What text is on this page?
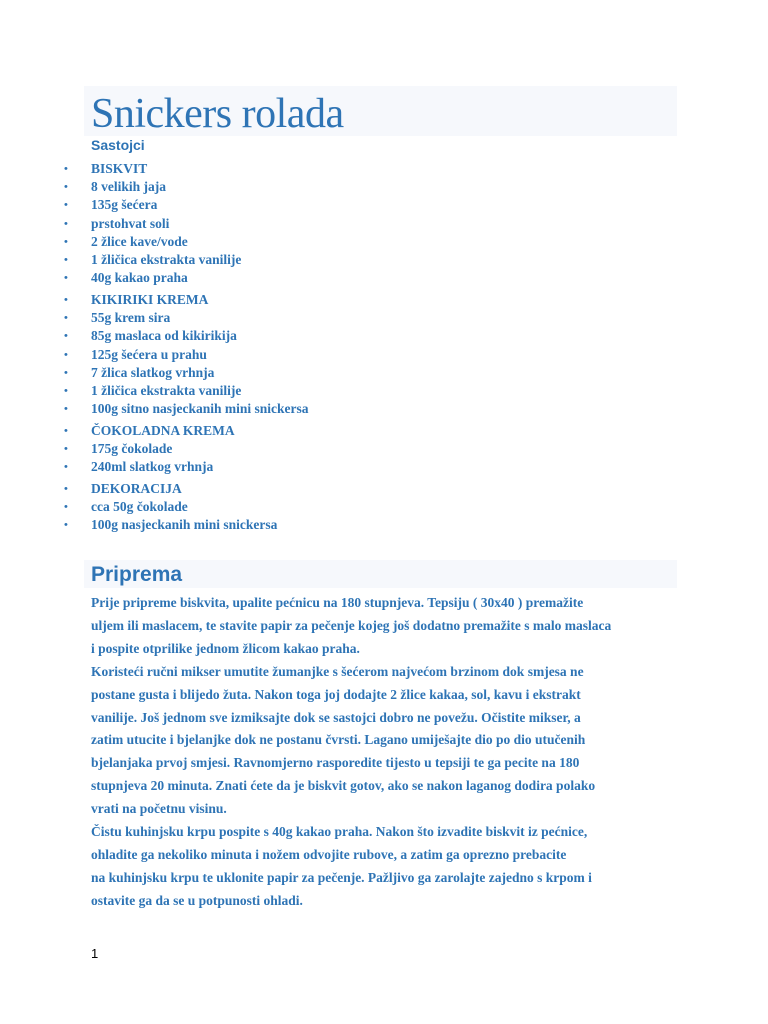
Snickers rolada
Sastojci
• BISKVIT
• 8 velikih jaja
• 135g šećera
• prstohvat soli
• 2 žlice kave/vode
• 1 žličica ekstrakta vanilije
• 40g kakao praha
• KIKIRIKI KREMA
• 55g krem sira
• 85g maslaca od kikirikija
• 125g šećera u prahu
• 7 žlica slatkog vrhnja
• 1 žličica ekstrakta vanilije
• 100g sitno nasjeckanih mini snickersa
• ČOKOLADNA KREMA
• 175g čokolade
• 240ml slatkog vrhnja
• DEKORACIJA
• cca 50g čokolade
• 100g nasjeckanih mini snickersa
Priprema
Prije pripreme biskvita, upalite pećnicu na 180 stupnjeva. Tepsiju ( 30x40 ) premažite
uljem ili maslacem, te stavite papir za pečenje kojeg još dodatno premažite s malo maslaca
i pospite otprilike jednom žlicom kakao praha.
Koristeći ručni mikser umutite žumanjke s šećerom najvećom brzinom dok smjesa ne
postane gusta i blijedo žuta. Nakon toga joj dodajte 2 žlice kakaa, sol, kavu i ekstrakt
vanilije. Još jednom sve izmiksajte dok se sastojci dobro ne povežu. Očistite mikser, a
zatim utucite i bjelanjke dok ne postanu čvrsti. Lagano umiješajte dio po dio utučenih
bjelanjaka prvoj smjesi. Ravnomjerno rasporedite tijesto u tepsiji te ga pecite na 180
stupnjeva 20 minuta. Znati ćete da je biskvit gotov, ako se nakon laganog dodira polako
vrati na početnu visinu.
Čistu kuhinjsku krpu pospite s 40g kakao praha. Nakon što izvadite biskvit iz pećnice,
ohladite ga nekoliko minuta i nožem odvojite rubove, a zatim ga oprezno prebacite
na kuhinjsku krpu te uklonite papir za pečenje. Pažljivo ga zarolajte zajedno s krpom i
ostavite ga da se u potpunosti ohladi.
1
